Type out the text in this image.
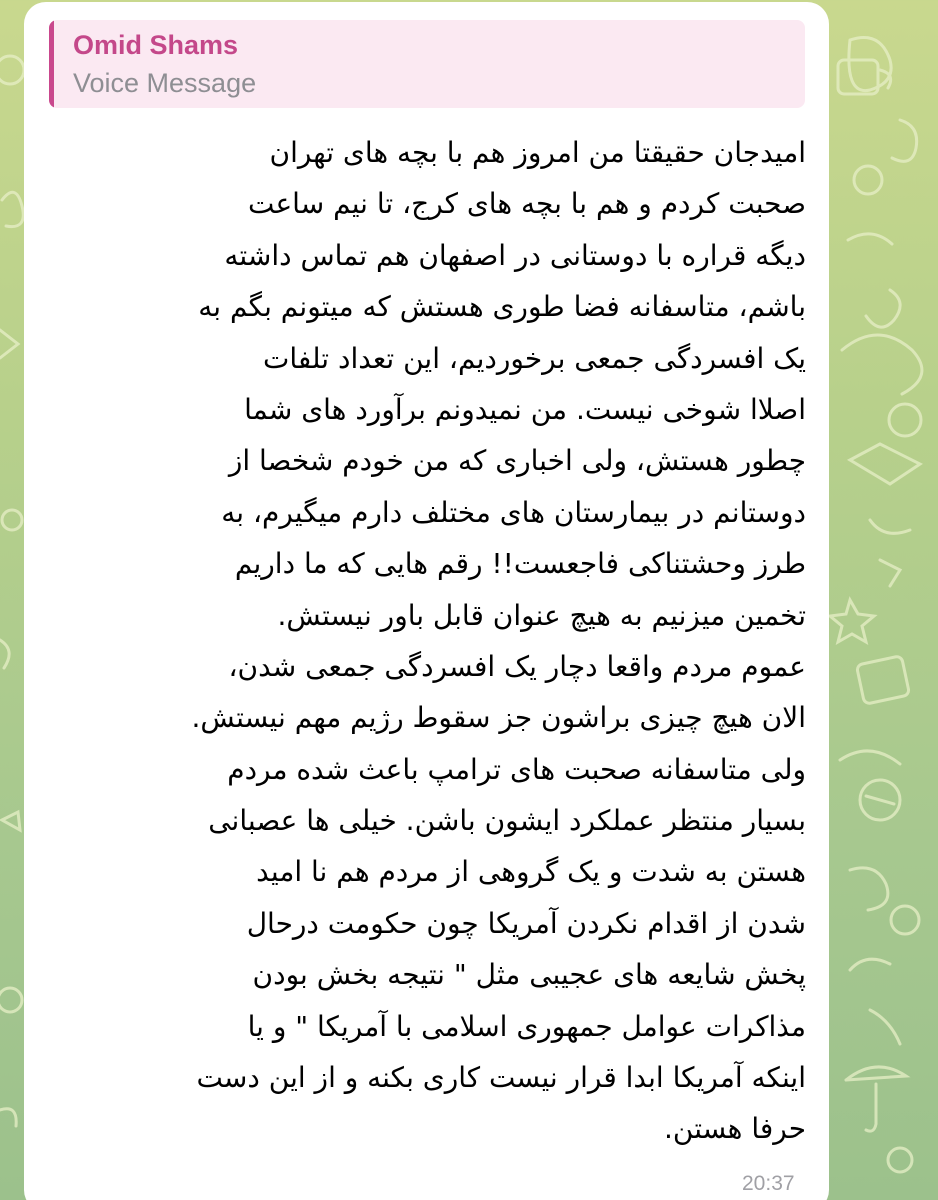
Omid Shams
Voice Message
امیدجان حقیقتا من امروز هم با بچه های تهران
صحبت کردم و هم با بچه های کرج، تا نیم ساعت
دیگه قراره با دوستانی در اصفهان هم تماس داشته
باشم، متاسفانه فضا طوری هستش که میتونم بگم به
یک افسردگی جمعی برخوردیم، این تعداد تلفات
اصلاا شوخی نیست. من نمیدونم برآورد های شما
چطور هستش، ولی اخباری که من خودم شخصا از
دوستانم در بیمارستان های مختلف دارم میگیرم، به
طرز وحشتناکی فاجعست!! رقم هایی که ما داریم
تخمین میزنیم به هیچ عنوان قابل باور نیستش.
عموم مردم واقعا دچار یک افسردگی جمعی شدن،
الان هیچ چیزی براشون جز سقوط رژیم مهم نیستش.
ولی متاسفانه صحبت های ترامپ باعث شده مردم
بسیار منتظر عملکرد ایشون باشن. خیلی ها عصبانی
هستن به شدت و یک گروهی از مردم هم نا امید
شدن از اقدام نکردن آمریکا چون حکومت درحال
پخش شایعه های عجیبی مثل " نتیجه بخش بودن
مذاکرات عوامل جمهوری اسلامی با آمریکا " و یا
اینکه آمریکا ابدا قرار نیست کاری بکنه و از این دست
حرفا هستن.
20:37
